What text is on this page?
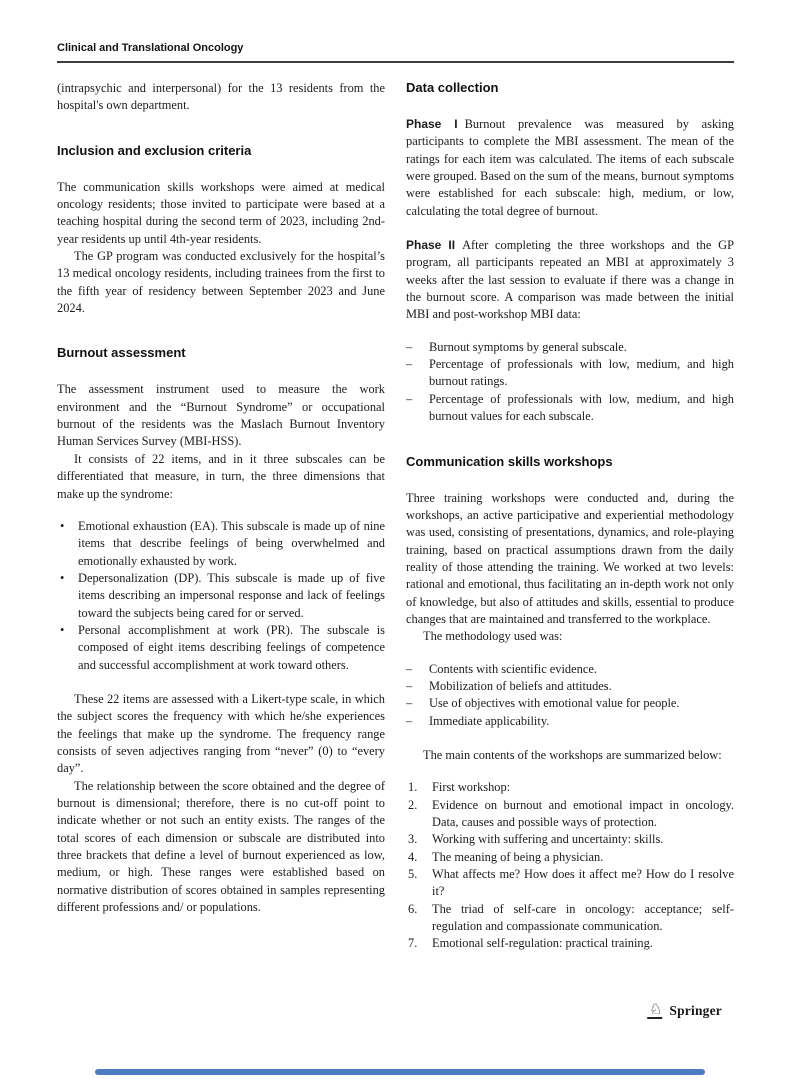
Clinical and Translational Oncology

(intrapsychic and interpersonal) for the 13 residents from the hospital's own department.

Inclusion and exclusion criteria

The communication skills workshops were aimed at medical oncology residents; those invited to participate were based at a teaching hospital during the second term of 2023, including 2nd-year residents up until 4th-year residents.

The GP program was conducted exclusively for the hospital’s 13 medical oncology residents, including trainees from the first to the fifth year of residency between September 2023 and June 2024.

Burnout assessment

The assessment instrument used to measure the work environment and the “Burnout Syndrome” or occupational burnout of the residents was the Maslach Burnout Inventory Human Services Survey (MBI-HSS).

It consists of 22 items, and in it three subscales can be differentiated that measure, in turn, the three dimensions that make up the syndrome:

•	Emotional exhaustion (EA). This subscale is made up of nine items that describe feelings of being overwhelmed and emotionally exhausted by work.
•	Depersonalization (DP). This subscale is made up of five items describing an impersonal response and lack of feelings toward the subjects being cared for or served.
•	Personal accomplishment at work (PR). The subscale is composed of eight items describing feelings of competence and successful accomplishment at work toward others.

These 22 items are assessed with a Likert-type scale, in which the subject scores the frequency with which he/she experiences the feelings that make up the syndrome. The frequency range consists of seven adjectives ranging from “never” (0) to “every day”.

The relationship between the score obtained and the degree of burnout is dimensional; therefore, there is no cut-off point to indicate whether or not such an entity exists. The ranges of the total scores of each dimension or subscale are distributed into three brackets that define a level of burnout experienced as low, medium, or high. These ranges were established based on normative distribution of scores obtained in samples representing different professions and/ or populations.

Data collection

Phase I Burnout prevalence was measured by asking participants to complete the MBI assessment. The mean of the ratings for each item was calculated. The items of each subscale were grouped. Based on the sum of the means, burnout symptoms were established for each subscale: high, medium, or low, calculating the total degree of burnout.

Phase II After completing the three workshops and the GP program, all participants repeated an MBI at approximately 3 weeks after the last session to evaluate if there was a change in the burnout score. A comparison was made between the initial MBI and post-workshop MBI data:

–	Burnout symptoms by general subscale.
–	Percentage of professionals with low, medium, and high burnout ratings.
–	Percentage of professionals with low, medium, and high burnout values for each subscale.
Communication skills workshops

Three training workshops were conducted and, during the workshops, an active participative and experiential methodology was used, consisting of presentations, dynamics, and role-playing training, based on practical assumptions drawn from the daily reality of those attending the training. We worked at two levels: rational and emotional, thus facilitating an in-depth work not only of knowledge, but also of attitudes and skills, essential to produce changes that are maintained and transferred to the workplace.

The methodology used was:

–	Contents with scientific evidence.
–	Mobilization of beliefs and attitudes.
–	Use of objectives with emotional value for people.
–	Immediate applicability.

The main contents of the workshops are summarized below:

1.	First workshop:
2.	Evidence on burnout and emotional impact in oncology. Data, causes and possible ways of protection.
3.	Working with suffering and uncertainty: skills.
4.	The meaning of being a physician.
5.	What affects me? How does it affect me? How do I resolve it?
6.	The triad of self-care in oncology: acceptance; self-regulation and compassionate communication.
7.	Emotional self-regulation: practical training.
♘ Springer
